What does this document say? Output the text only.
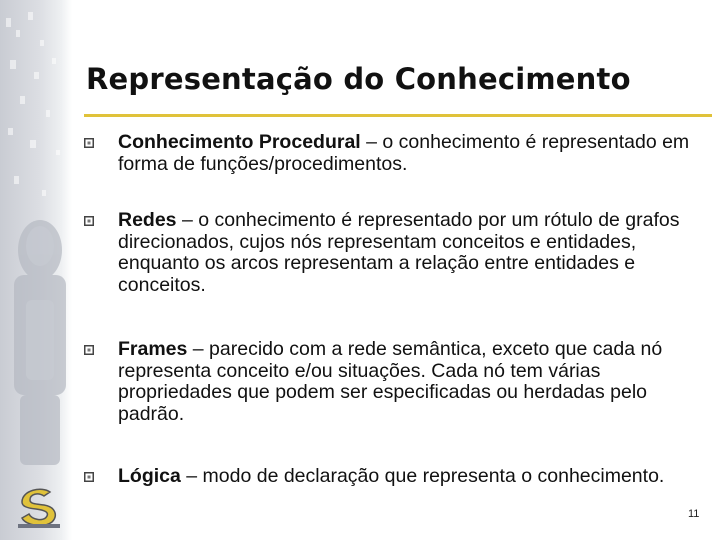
Representação do Conhecimento
Conhecimento Procedural – o conhecimento é representado em forma de funções/procedimentos.
Redes – o conhecimento é representado por um rótulo de grafos direcionados, cujos nós representam conceitos e entidades, enquanto os arcos representam a relação entre entidades e conceitos.
Frames – parecido com a rede semântica, exceto que cada nó representa conceito e/ou situações. Cada nó tem várias propriedades que podem ser especificadas ou herdadas pelo padrão.
Lógica – modo de declaração que representa o conhecimento.
11
